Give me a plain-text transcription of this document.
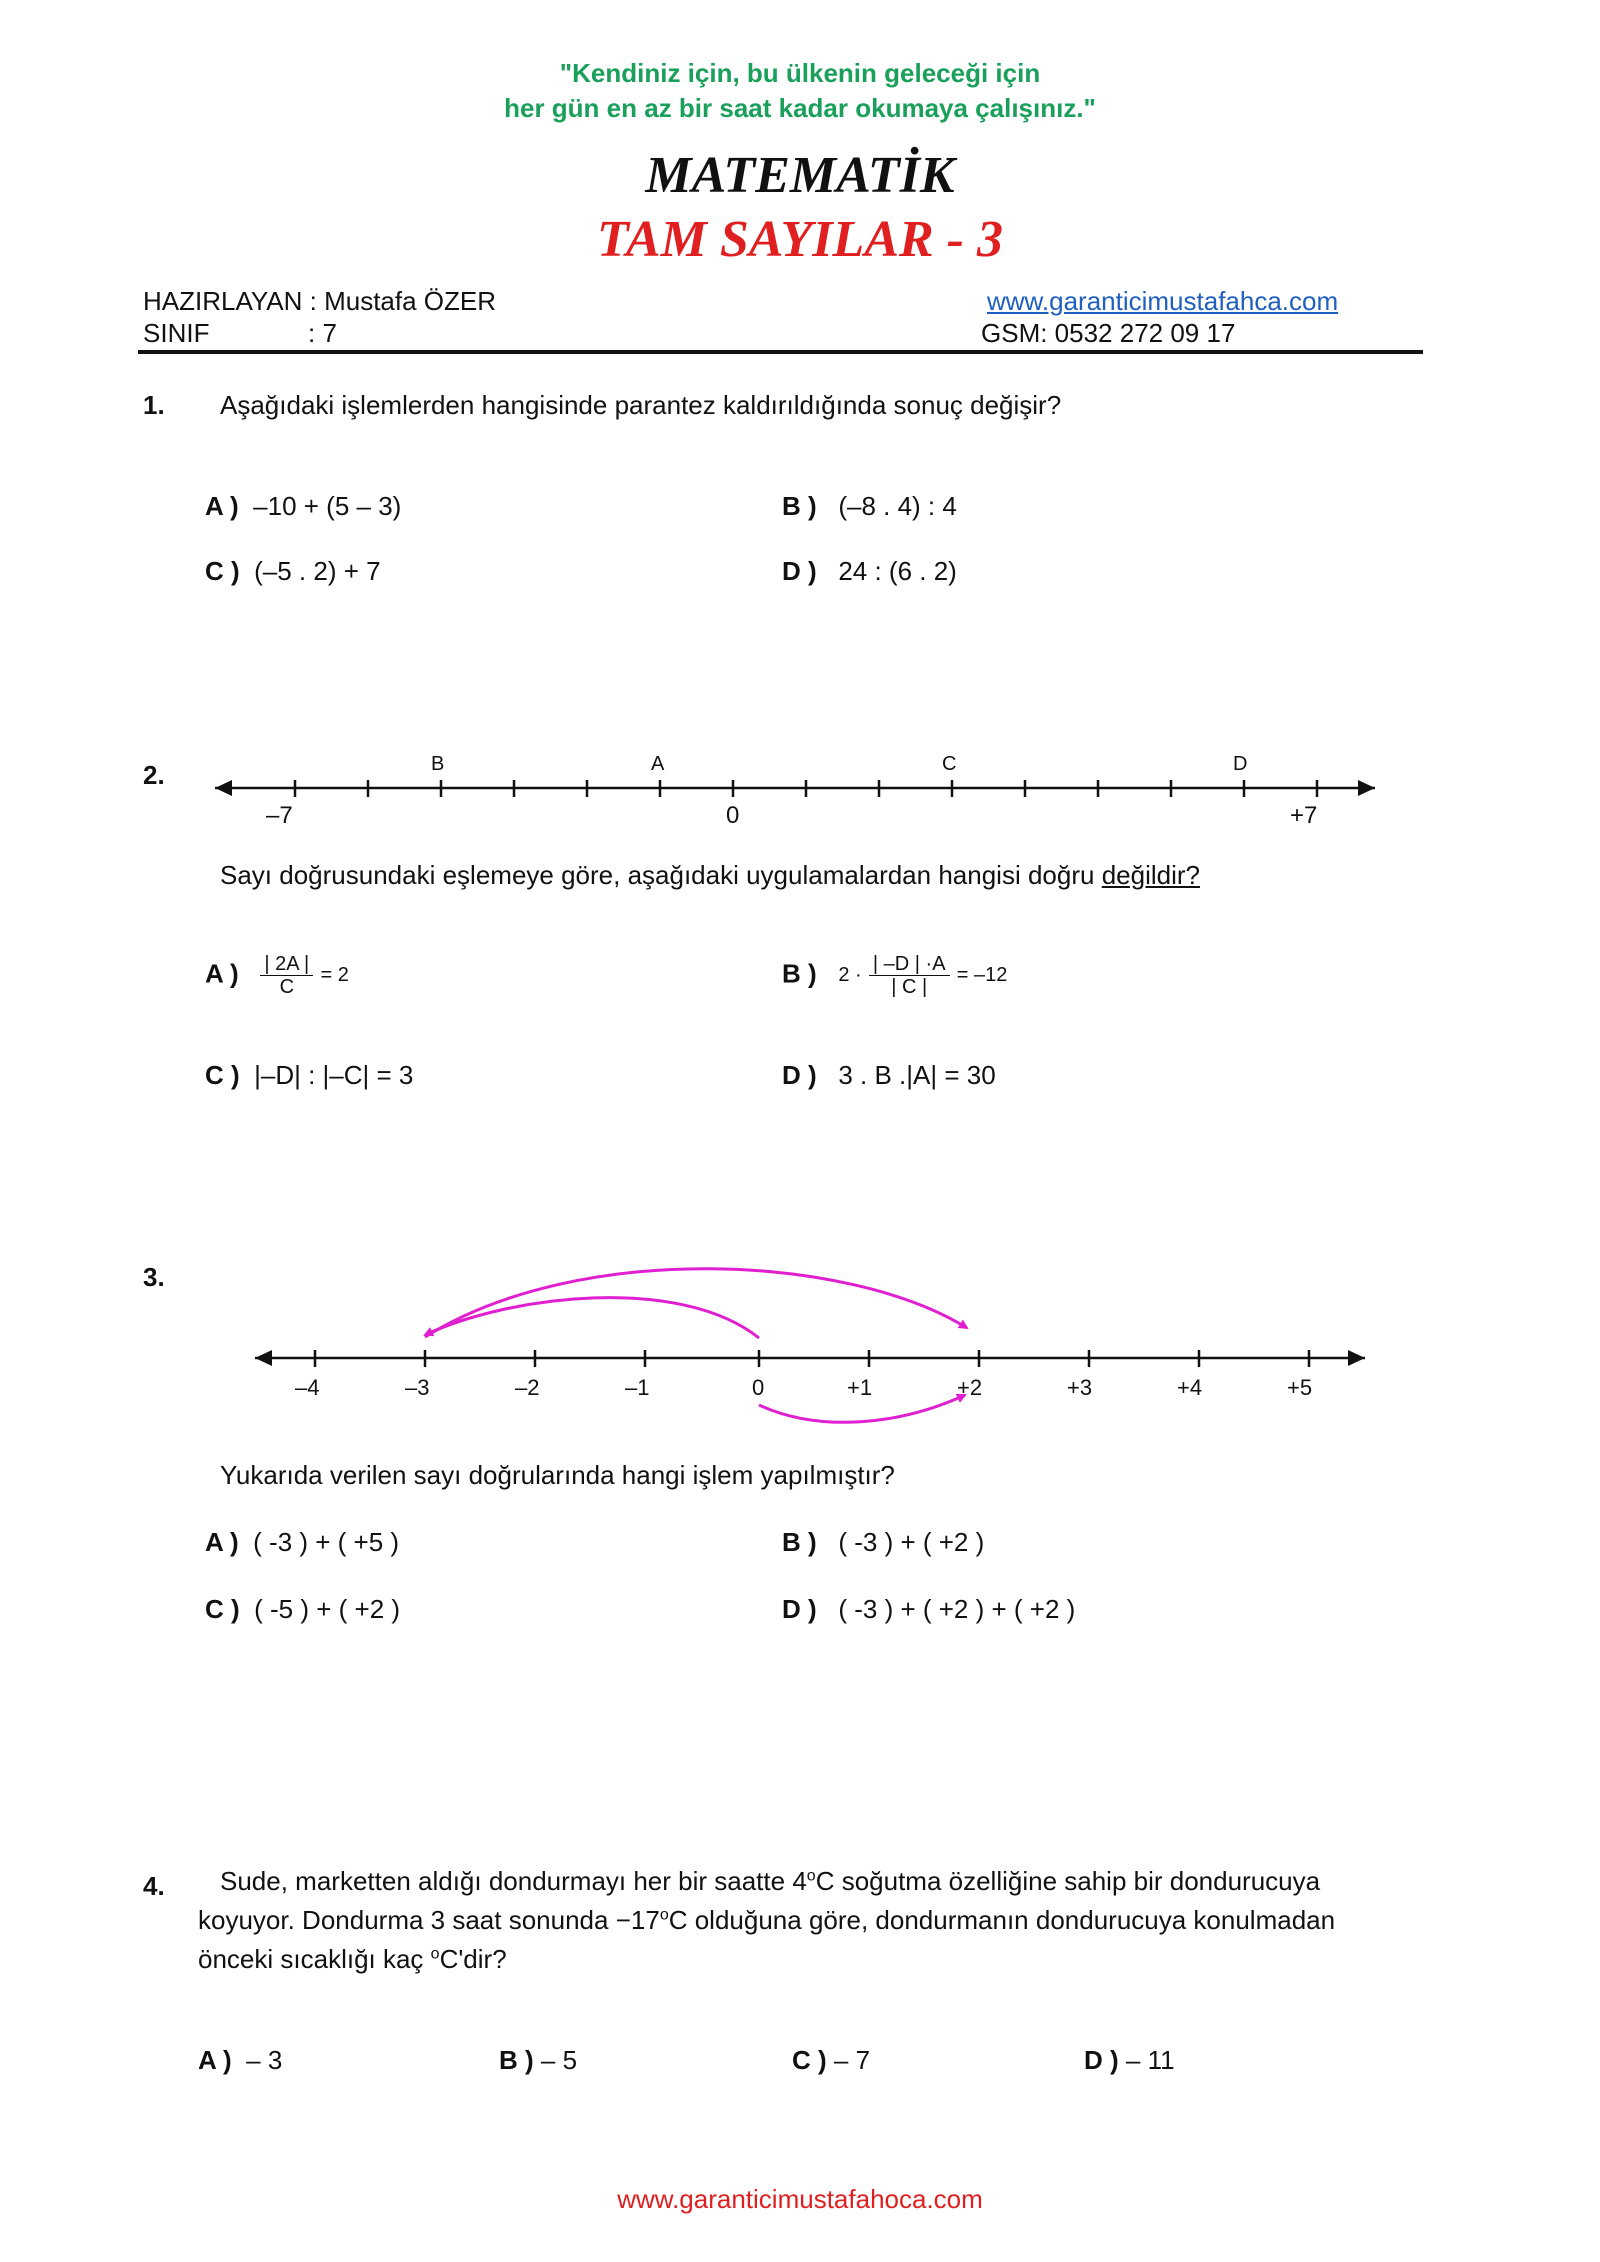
"Kendiniz için, bu ülkenin geleceği için
her gün en az bir saat kadar okumaya çalışınız."
MATEMATİK
TAM SAYILAR - 3
HAZIRLAYAN : Mustafa ÖZER
SINIF	: 7
www.garanticimustafahca.com
GSM: 0532 272 09 17
1. Aşağıdaki işlemlerden hangisinde parantez kaldırıldığında sonuç değişir?
A ) –10 + (5 – 3)	B ) (–8 . 4) : 4
C ) (–5 . 2) + 7	D ) 24 : (6 . 2)
2.	B	A	C	D
–7	0	+7
Sayı doğrusundaki eşlemeye göre, aşağıdaki uygulamalardan hangisi doğru değildir?
A ) $\frac{| 2A |}{C} = 2$	B ) $2 \cdot \frac{| -D | \cdot A}{| C |} = -12$
C ) |–D| : |–C| = 3	D ) 3 . B .|A| = 30
3.
–4	–3	–2	–1	0	+1	+2	+3	+4	+5
Yukarıda verilen sayı doğrularında hangi işlem yapılmıştır?
A ) ( -3 ) + ( +5 )	B ) ( -3 ) + ( +2 )
C ) ( -5 ) + ( +2 )	D ) ( -3 ) + ( +2 ) + ( +2 )
4. Sude, marketten aldığı dondurmayı her bir saatte 4$^o$C soğutma özelliğine sahip bir dondurucuya
koyuyor. Dondurma 3 saat sonunda $-17^oC$ olduğuna göre, dondurmanın dondurucuya konulmadan
önceki sıcaklığı kaç $^o$C'dir?
A ) – 3	B ) – 5	C ) – 7	D ) – 11
www.garanticimustafahoca.com
